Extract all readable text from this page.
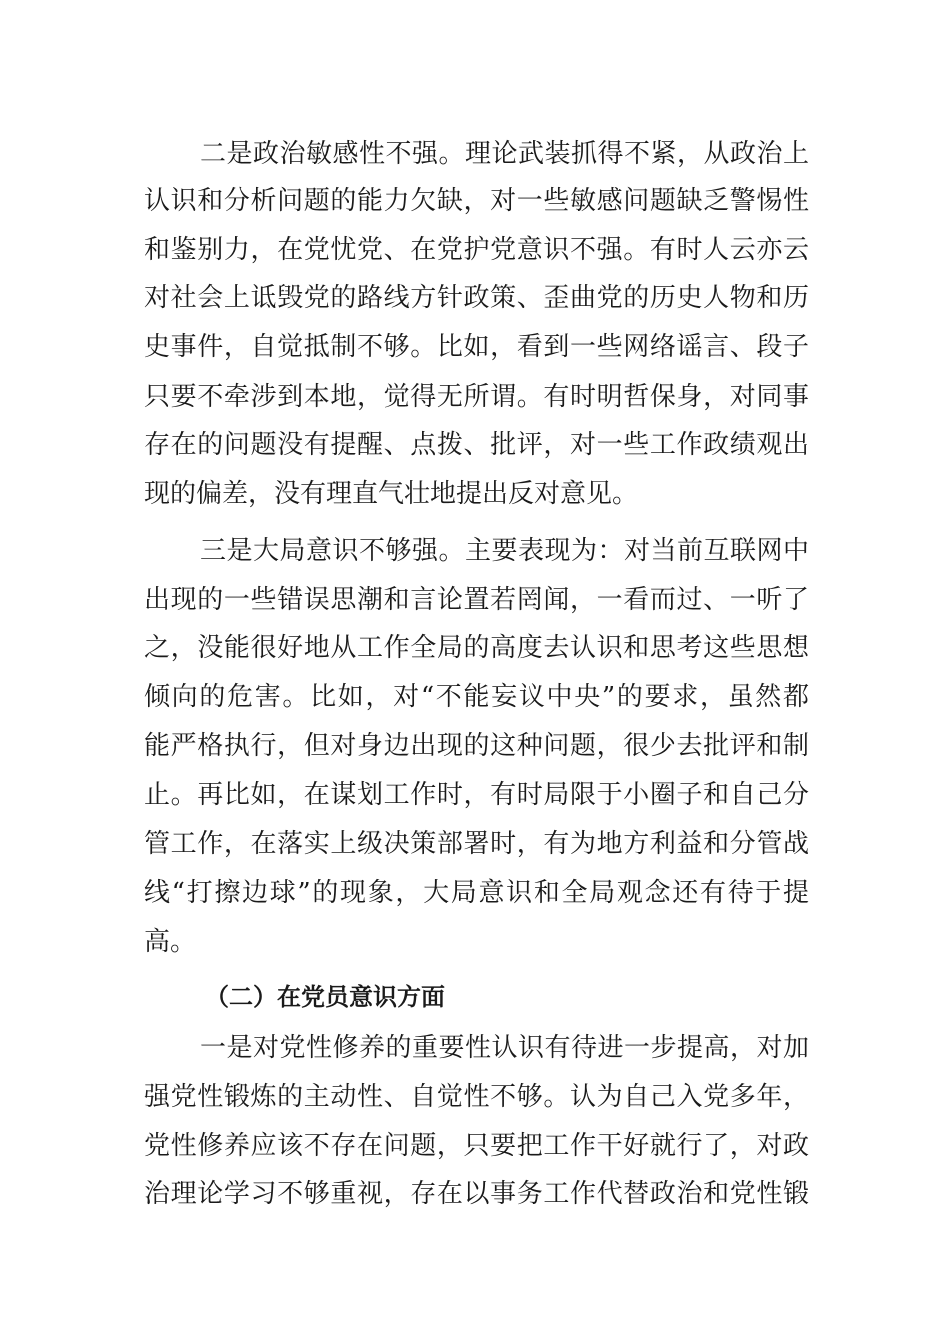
二是政治敏感性不强。理论武装抓得不紧，从政治上
认识和分析问题的能力欠缺，对一些敏感问题缺乏警惕性
和鉴别力，在党忧党、在党护党意识不强。有时人云亦云
对社会上诋毁党的路线方针政策、歪曲党的历史人物和历
史事件，自觉抵制不够。比如，看到一些网络谣言、段子
只要不牵涉到本地，觉得无所谓。有时明哲保身，对同事
存在的问题没有提醒、点拨、批评，对一些工作政绩观出
现的偏差，没有理直气壮地提出反对意见。
三是大局意识不够强。主要表现为：对当前互联网中
出现的一些错误思潮和言论置若罔闻，一看而过、一听了
之，没能很好地从工作全局的高度去认识和思考这些思想
倾向的危害。比如，对“不能妄议中央”的要求，虽然都
能严格执行，但对身边出现的这种问题，很少去批评和制
止。再比如，在谋划工作时，有时局限于小圈子和自己分
管工作，在落实上级决策部署时，有为地方利益和分管战
线“打擦边球”的现象，大局意识和全局观念还有待于提
高。
（二）在党员意识方面
一是对党性修养的重要性认识有待进一步提高，对加
强党性锻炼的主动性、自觉性不够。认为自己入党多年，
党性修养应该不存在问题，只要把工作干好就行了，对政
治理论学习不够重视，存在以事务工作代替政治和党性锻
